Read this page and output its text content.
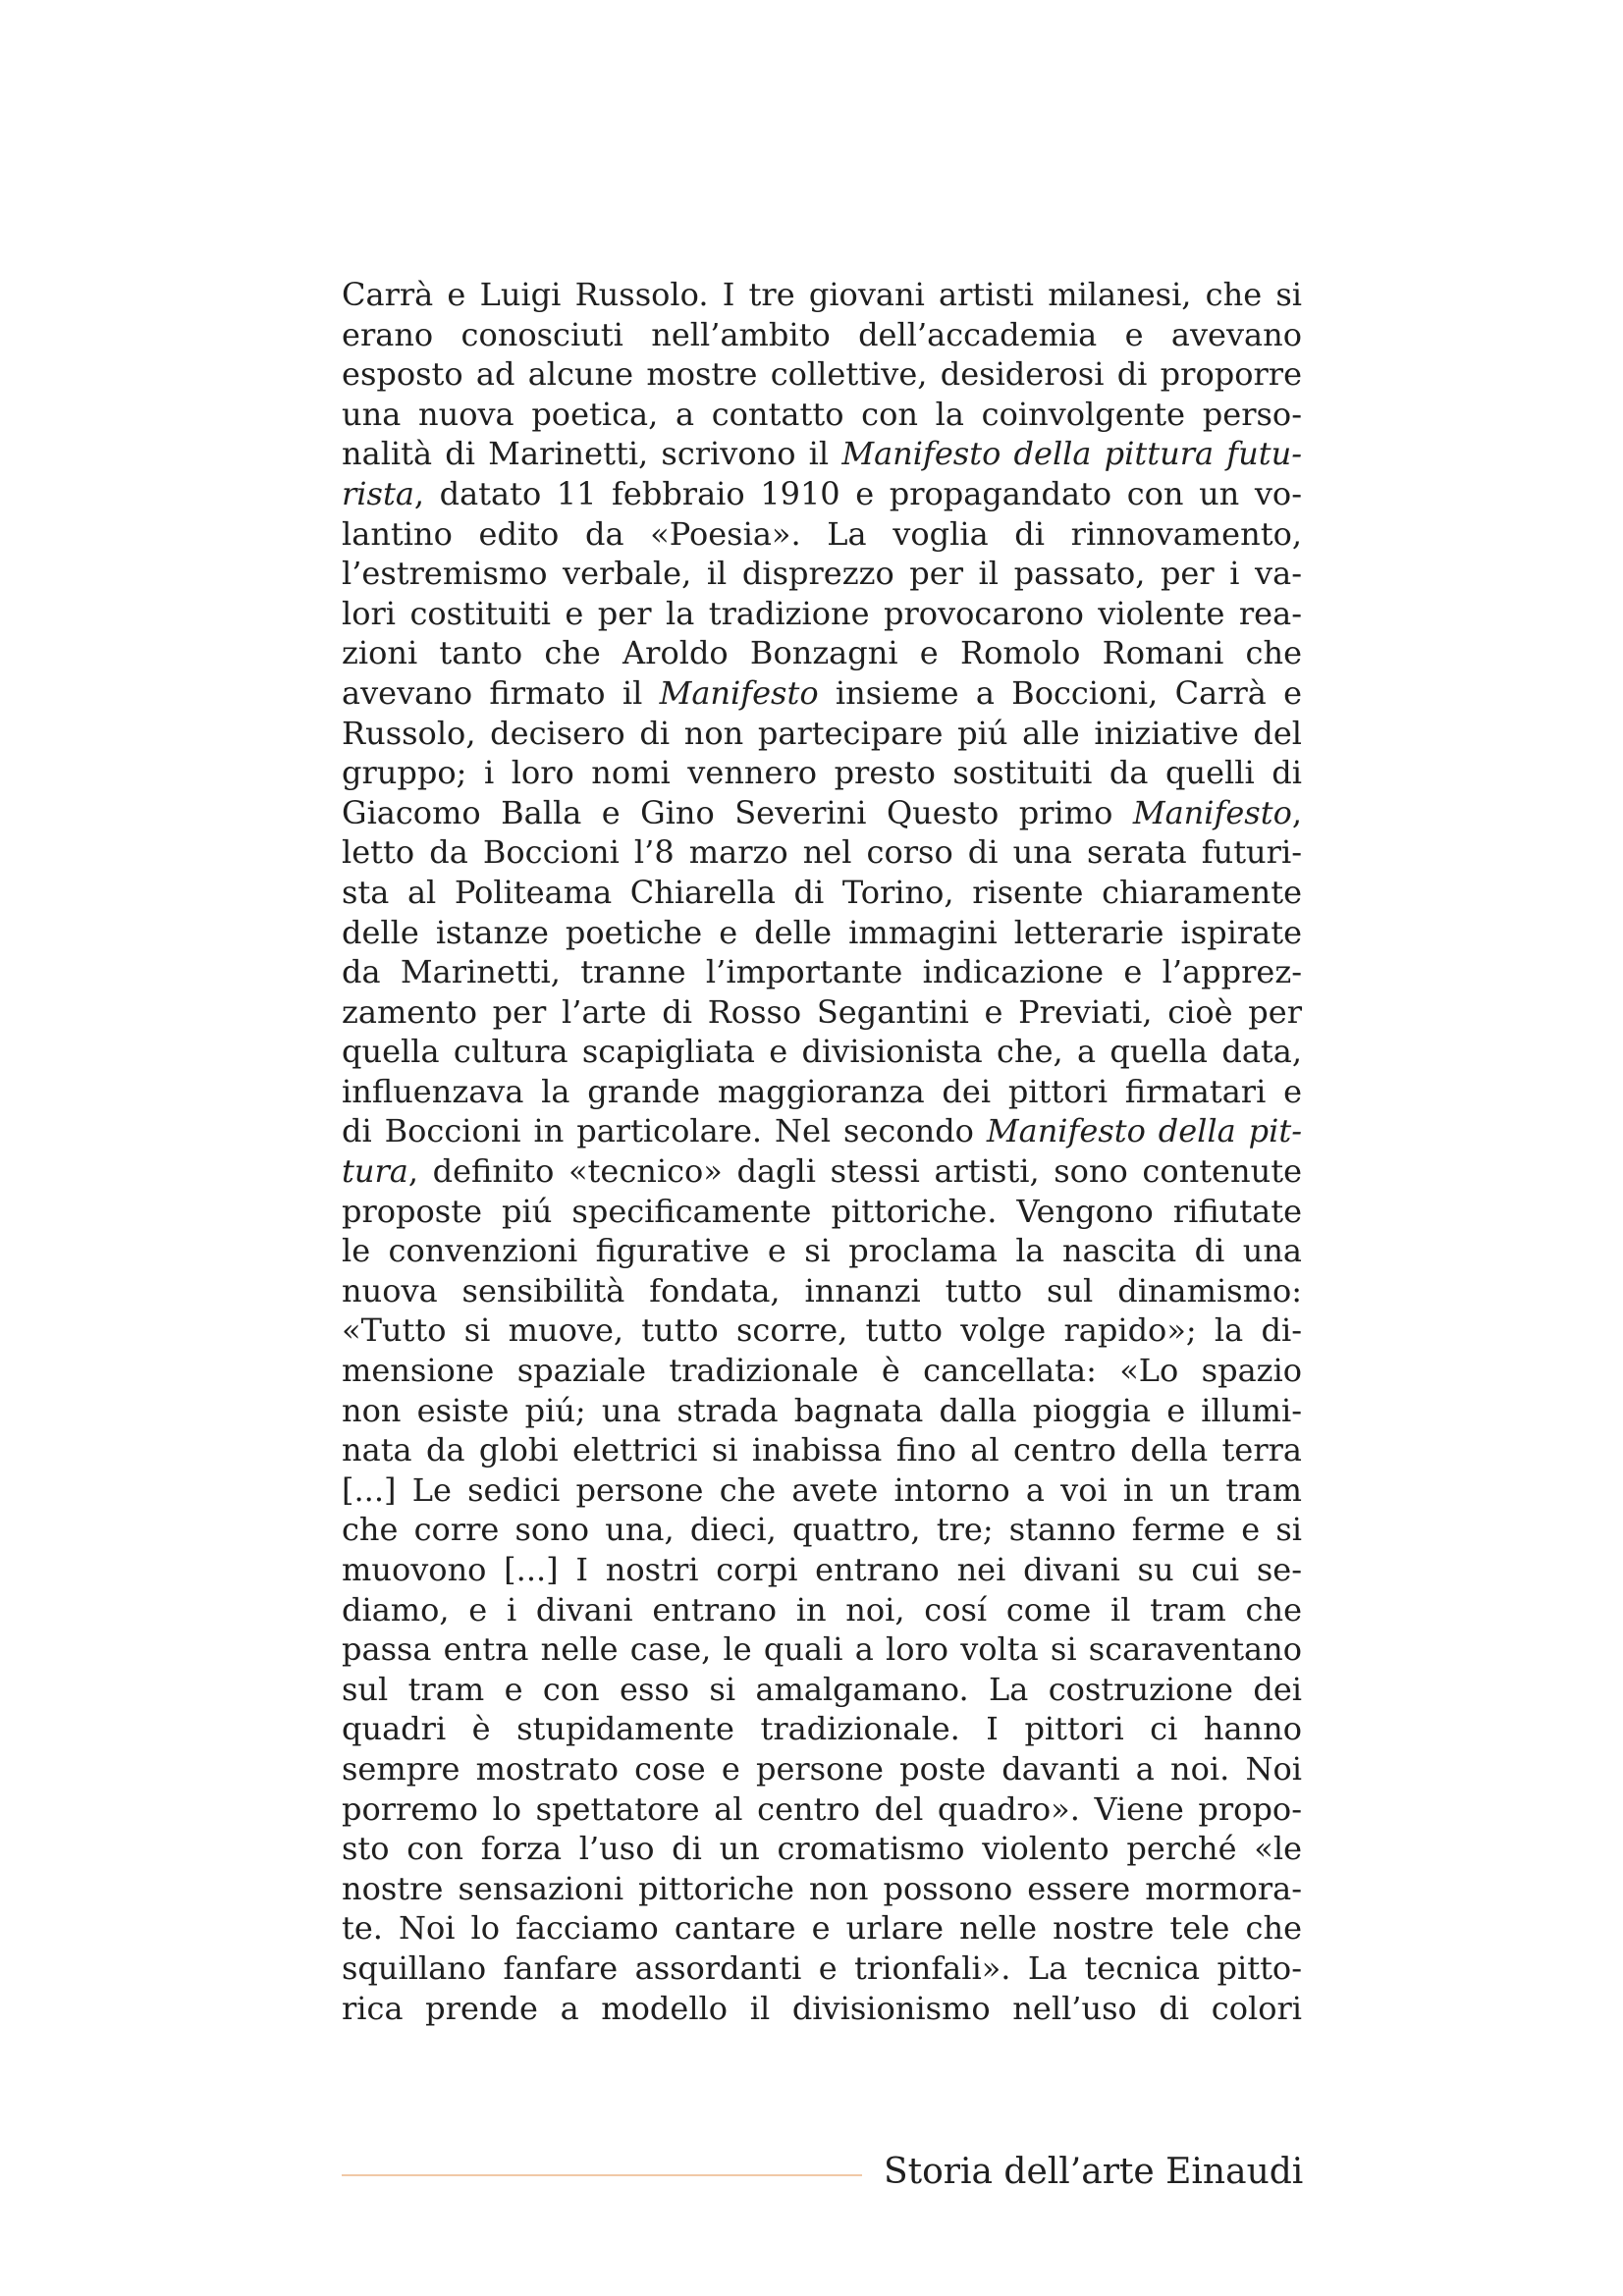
Carrà e Luigi Russolo. I tre giovani artisti milanesi, che si
erano conosciuti nell’ambito dell’accademia e avevano
esposto ad alcune mostre collettive, desiderosi di proporre
una nuova poetica, a contatto con la coinvolgente perso-
nalità di Marinetti, scrivono il Manifesto della pittura futu-
rista, datato 11 febbraio 1910 e propagandato con un vo-
lantino edito da «Poesia». La voglia di rinnovamento,
l’estremismo verbale, il disprezzo per il passato, per i va-
lori costituiti e per la tradizione provocarono violente rea-
zioni tanto che Aroldo Bonzagni e Romolo Romani che
avevano firmato il Manifesto insieme a Boccioni, Carrà e
Russolo, decisero di non partecipare piú alle iniziative del
gruppo; i loro nomi vennero presto sostituiti da quelli di
Giacomo Balla e Gino Severini Questo primo Manifesto,
letto da Boccioni l’8 marzo nel corso di una serata futuri-
sta al Politeama Chiarella di Torino, risente chiaramente
delle istanze poetiche e delle immagini letterarie ispirate
da Marinetti, tranne l’importante indicazione e l’apprez-
zamento per l’arte di Rosso Segantini e Previati, cioè per
quella cultura scapigliata e divisionista che, a quella data,
influenzava la grande maggioranza dei pittori firmatari e
di Boccioni in particolare. Nel secondo Manifesto della pit-
tura, definito «tecnico» dagli stessi artisti, sono contenute
proposte piú specificamente pittoriche. Vengono rifiutate
le convenzioni figurative e si proclama la nascita di una
nuova sensibilità fondata, innanzi tutto sul dinamismo:
«Tutto si muove, tutto scorre, tutto volge rapido»; la di-
mensione spaziale tradizionale è cancellata: «Lo spazio
non esiste piú; una strada bagnata dalla pioggia e illumi-
nata da globi elettrici si inabissa fino al centro della terra
[...] Le sedici persone che avete intorno a voi in un tram
che corre sono una, dieci, quattro, tre; stanno ferme e si
muovono [...] I nostri corpi entrano nei divani su cui se-
diamo, e i divani entrano in noi, cosí come il tram che
passa entra nelle case, le quali a loro volta si scaraventano
sul tram e con esso si amalgamano. La costruzione dei
quadri è stupidamente tradizionale. I pittori ci hanno
sempre mostrato cose e persone poste davanti a noi. Noi
porremo lo spettatore al centro del quadro». Viene propo-
sto con forza l’uso di un cromatismo violento perché «le
nostre sensazioni pittoriche non possono essere mormora-
te. Noi lo facciamo cantare e urlare nelle nostre tele che
squillano fanfare assordanti e trionfali». La tecnica pitto-
rica prende a modello il divisionismo nell’uso di colori
Storia dell’arte Einaudi
